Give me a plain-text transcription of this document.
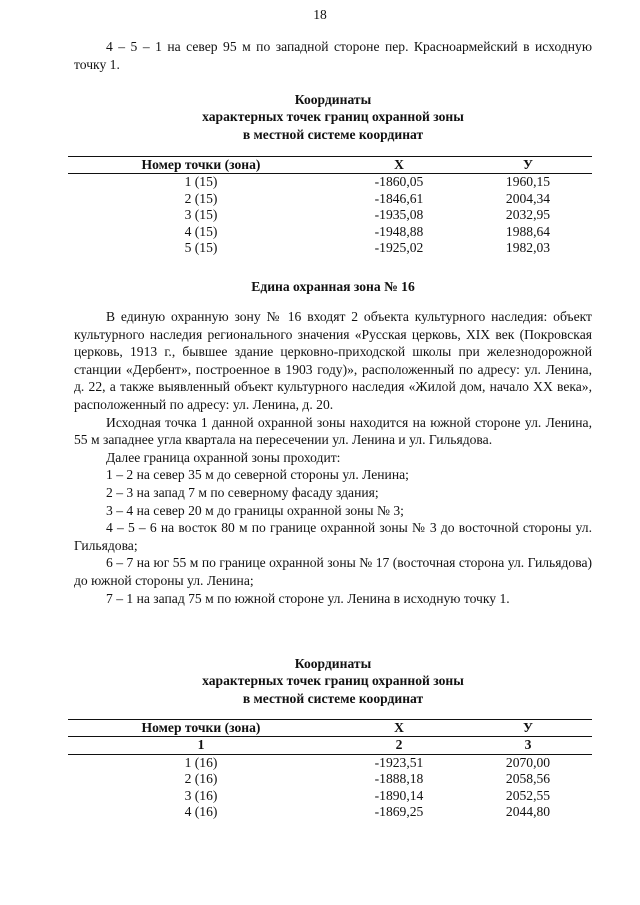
18

4 – 5 – 1 на север 95 м по западной стороне пер. Красноармейский в исходную точку 1.

Координаты
характерных точек границ охранной зоны
в местной системе координат
Номер точки (зона)	X	У
1 (15)	-1860,05	1960,15
2 (15)	-1846,61	2004,34
3 (15)	-1935,08	2032,95
4 (15)	-1948,88	1988,64
5 (15)	-1925,02	1982,03
Едина охранная зона № 16

В единую охранную зону № 16 входят 2 объекта культурного наследия: объект культурного наследия регионального значения «Русская церковь, XIX век (Покровская церковь, 1913 г., бывшее здание церковно-приходской школы при железнодорожной станции «Дербент», построенное в 1903 году)», расположенный по адресу: ул. Ленина, д. 22, а также выявленный объект культурного наследия «Жилой дом, начало XX века», расположенный по адресу: ул. Ленина, д. 20.

Исходная точка 1 данной охранной зоны находится на южной стороне ул. Ленина, 55 м западнее угла квартала на пересечении ул. Ленина и ул. Гильядова.

Далее граница охранной зоны проходит:

1 – 2 на север 35 м до северной стороны ул. Ленина;

2 – 3 на запад 7 м по северному фасаду здания;

3 – 4 на север 20 м до границы охранной зоны № 3;

4 – 5 – 6 на восток 80 м по границе охранной зоны № 3 до восточной стороны ул. Гильядова;

6 – 7 на юг 55 м по границе охранной зоны № 17 (восточная сторона ул. Гильядова) до южной стороны ул. Ленина;

7 – 1 на запад 75 м по южной стороне ул. Ленина в исходную точку 1.

Координаты
характерных точек границ охранной зоны
в местной системе координат
Номер точки (зона)	X	У
1	2	3
1 (16)	-1923,51	2070,00
2 (16)	-1888,18	2058,56
3 (16)	-1890,14	2052,55
4 (16)	-1869,25	2044,80
